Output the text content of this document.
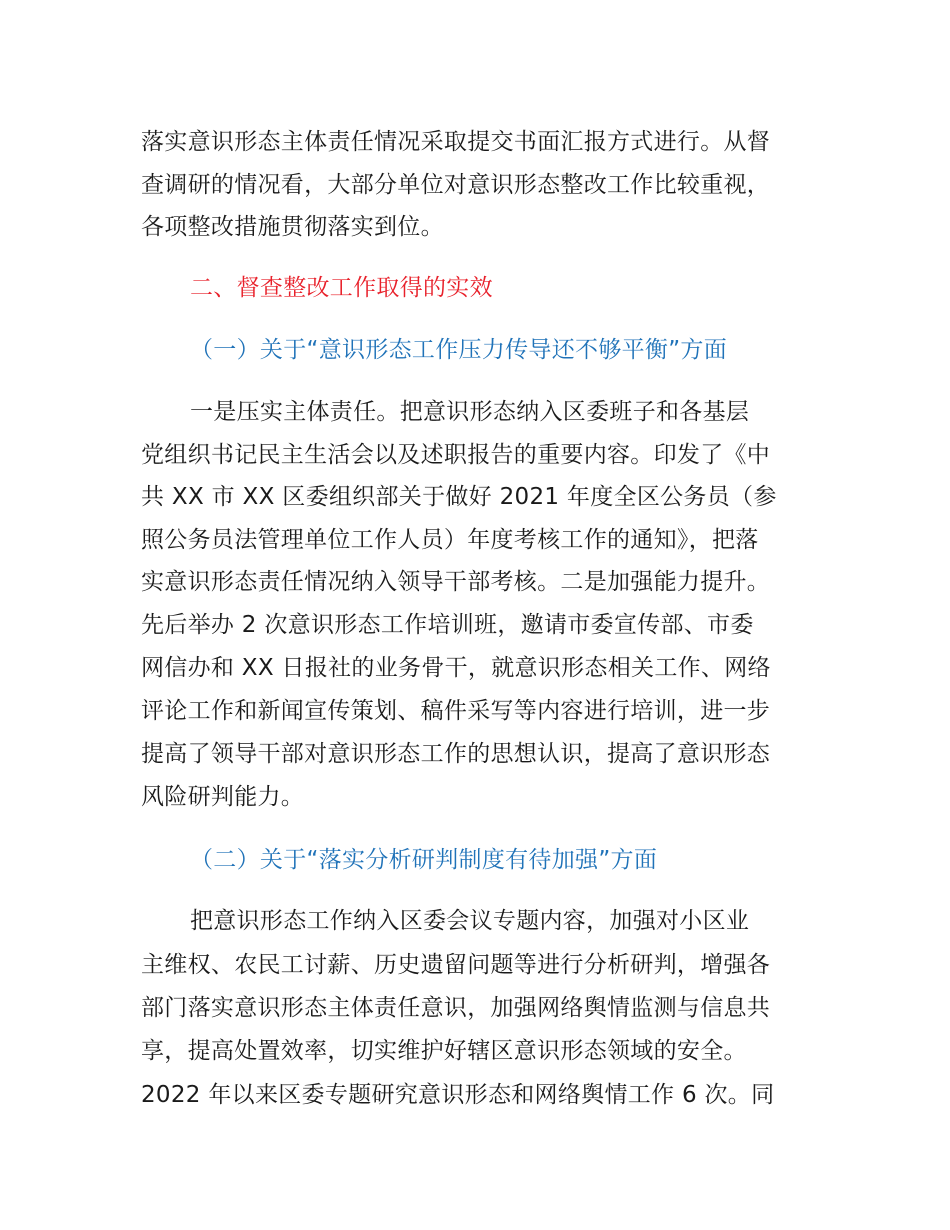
落实意识形态主体责任情况采取提交书面汇报方式进行。从督
查调研的情况看，大部分单位对意识形态整改工作比较重视，
各项整改措施贯彻落实到位。
二、督查整改工作取得的实效
（一）关于“意识形态工作压力传导还不够平衡”方面
一是压实主体责任。把意识形态纳入区委班子和各基层
党组织书记民主生活会以及述职报告的重要内容。印发了《中
共 XX 市 XX 区委组织部关于做好 2021 年度全区公务员（参
照公务员法管理单位工作人员）年度考核工作的通知》，把落
实意识形态责任情况纳入领导干部考核。二是加强能力提升。
先后举办 2 次意识形态工作培训班，邀请市委宣传部、市委
网信办和 XX 日报社的业务骨干，就意识形态相关工作、网络
评论工作和新闻宣传策划、稿件采写等内容进行培训，进一步
提高了领导干部对意识形态工作的思想认识，提高了意识形态
风险研判能力。
（二）关于“落实分析研判制度有待加强”方面
把意识形态工作纳入区委会议专题内容，加强对小区业
主维权、农民工讨薪、历史遗留问题等进行分析研判，增强各
部门落实意识形态主体责任意识，加强网络舆情监测与信息共
享，提高处置效率，切实维护好辖区意识形态领域的安全。
2022 年以来区委专题研究意识形态和网络舆情工作 6 次。同
